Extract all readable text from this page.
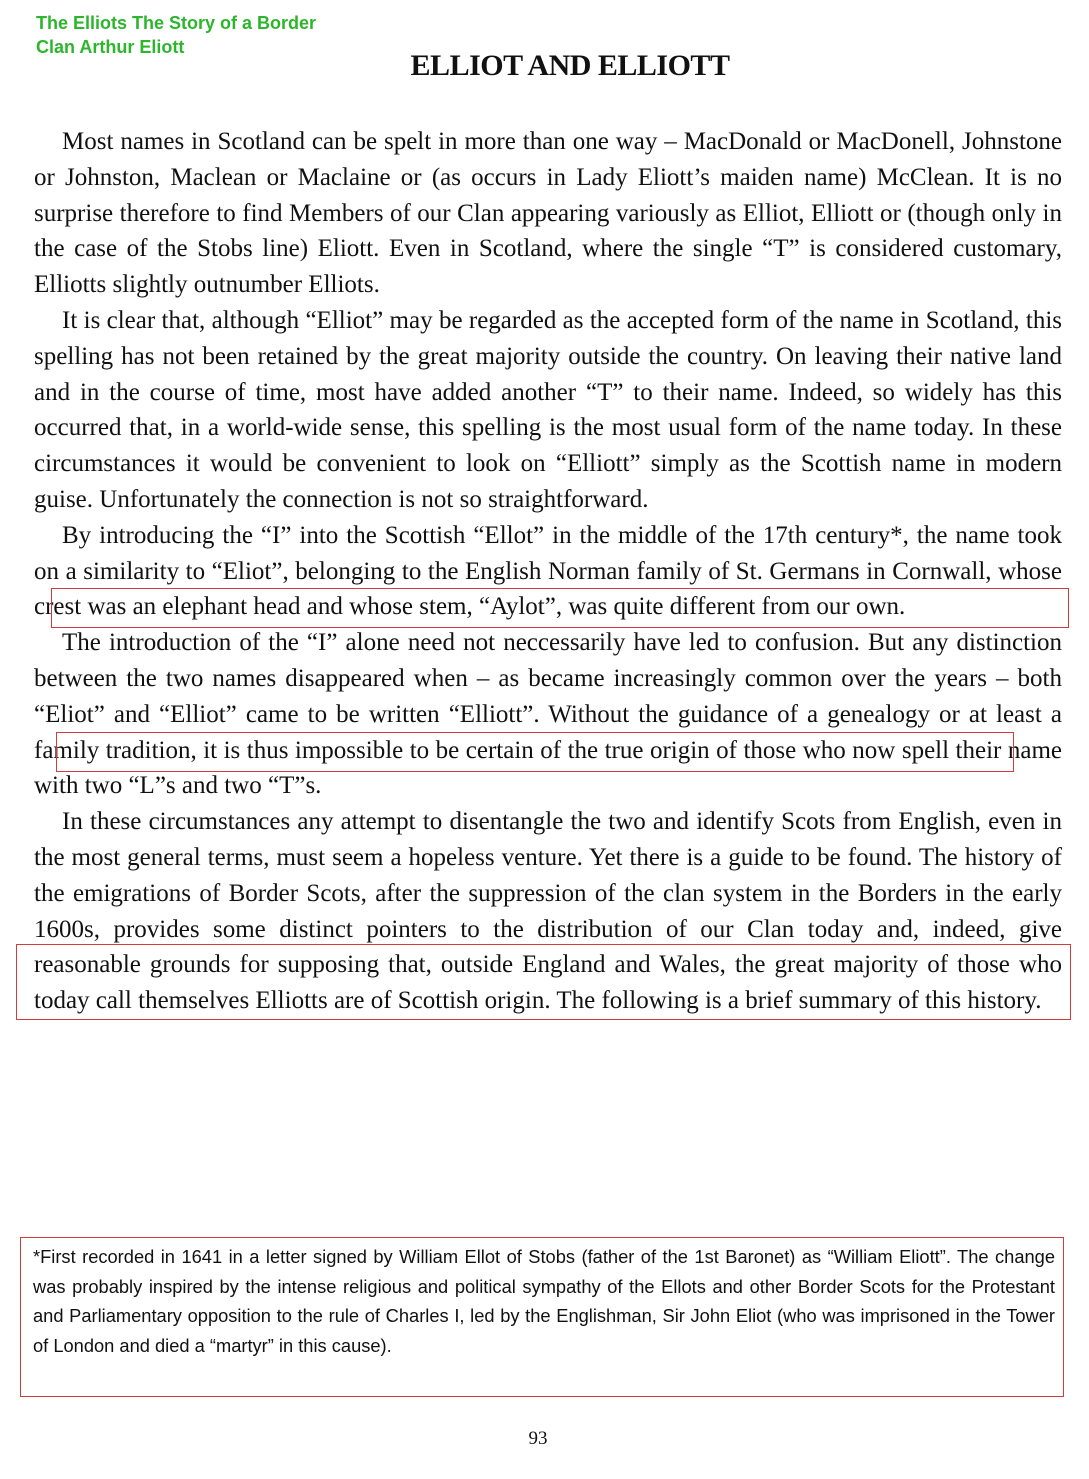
The Elliots The Story of a Border
Clan Arthur Eliott
ELLIOT AND ELLIOTT

Most names in Scotland can be spelt in more than one way – MacDonald or MacDonell, Johnstone or Johnston, Maclean or Maclaine or (as occurs in Lady Eliott’s maiden name) McClean. It is no surprise therefore to find Members of our Clan appearing variously as Elliot, Elliott or (though only in the case of the Stobs line) Eliott. Even in Scotland, where the single “T” is considered customary, Elliotts slightly outnumber Elliots.

It is clear that, although “Elliot” may be regarded as the accepted form of the name in Scotland, this spelling has not been retained by the great majority outside the country. On leaving their native land and in the course of time, most have added another “T” to their name. Indeed, so widely has this occurred that, in a world-wide sense, this spelling is the most usual form of the name today. In these circumstances it would be convenient to look on “Elliott” simply as the Scottish name in modern guise. Unfortunately the connection is not so straightforward.

By introducing the “I” into the Scottish “Ellot” in the middle of the 17th century*, the name took on a similarity to “Eliot”, belonging to the English Norman family of St. Germans in Cornwall, whose crest was an elephant head and whose stem, “Aylot”, was quite different from our own.

The introduction of the “I” alone need not neccessarily have led to confusion. But any distinction between the two names disappeared when – as became increasingly common over the years – both “Eliot” and “Elliot” came to be written “Elliott”. Without the guidance of a genealogy or at least a family tradition, it is thus impossible to be certain of the true origin of those who now spell their name with two “L”s and two “T”s.

In these circumstances any attempt to disentangle the two and identify Scots from English, even in the most general terms, must seem a hopeless venture. Yet there is a guide to be found. The history of the emigrations of Border Scots, after the suppression of the clan system in the Borders in the early 1600s, provides some distinct pointers to the distribution of our Clan today and, indeed, give reasonable grounds for supposing that, outside England and Wales, the great majority of those who today call themselves Elliotts are of Scottish origin. The following is a brief summary of this history.

*First recorded in 1641 in a letter signed by William Ellot of Stobs (father of the 1st Baronet) as “William Eliott”. The change was probably inspired by the intense religious and political sympathy of the Ellots and other Border Scots for the Protestant and Parliamentary opposition to the rule of Charles I, led by the Englishman, Sir John Eliot (who was imprisoned in the Tower of London and died a “martyr” in this cause).

93
